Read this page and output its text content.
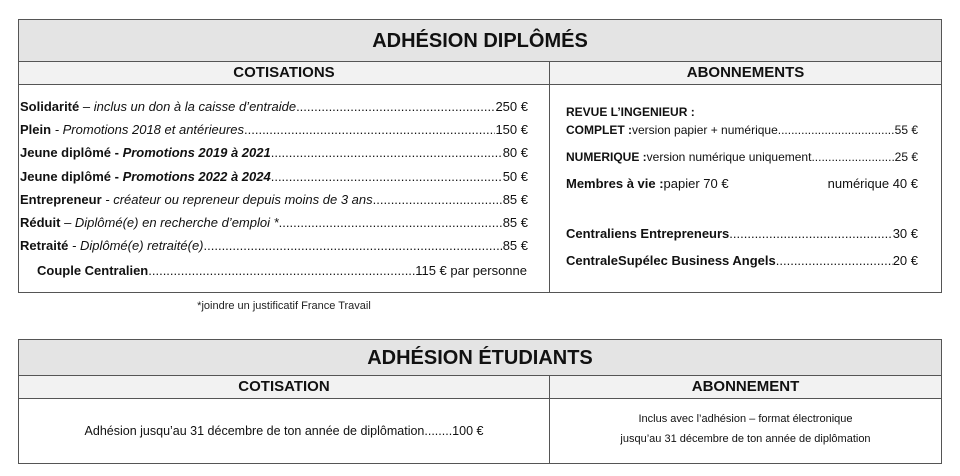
ADHÉSION DIPLÔMÉS
COTISATIONS	ABONNEMENTS
Solidarité – inclus un don à la caisse d’entraide .....	250 €
Plein - Promotions 2018 et antérieures .....	150 €
Jeune diplômé - Promotions 2019 à 2021 .....	80 €
Jeune diplômé - Promotions 2022 à 2024 .....	50 €
Entrepreneur - créateur ou repreneur depuis moins de 3 ans .....	85 €
Réduit – Diplômé(e) en recherche d’emploi * .....	85 €
Retraité - Diplômé(e) retraité(e) .....	85 €
Couple Centralien .....	115 € par personne
REVUE L’INGENIEUR :
COMPLET : version papier + numérique .....	55 €
NUMERIQUE : version numérique uniquement .....	25 €
Membres à vie : papier 70 €	numérique 40 €
Centraliens Entrepreneurs .....	30 €
CentraleSupélec Business Angels .....	20 €
*joindre un justificatif France Travail
ADHÉSION ÉTUDIANTS
COTISATION	ABONNEMENT
Adhésion jusqu’au 31 décembre de ton année de diplômation........100 €
Inclus avec l’adhésion – format électronique
jusqu’au 31 décembre de ton année de diplômation
